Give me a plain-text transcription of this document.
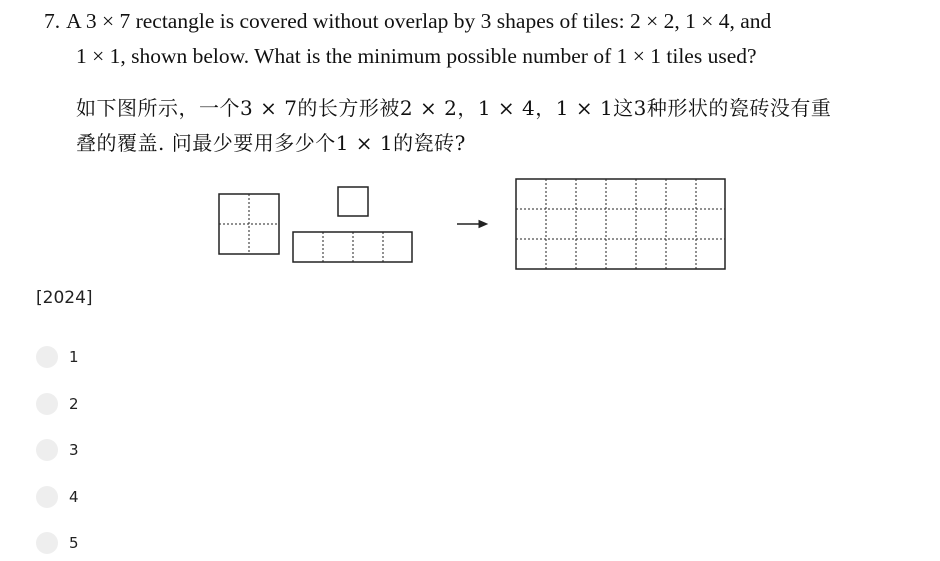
7. A 3 × 7 rectangle is covered without overlap by 3 shapes of tiles: 2 × 2, 1 × 4, and
1 × 1, shown below. What is the minimum possible number of 1 × 1 tiles used?
如下图所示，一个3 × 7的长方形被2 × 2，1 × 4，1 × 1这3种形状的瓷砖没有重
叠的覆盖. 问最少要用多少个1 × 1的瓷砖?
[2024]
1
2
3
4
5
